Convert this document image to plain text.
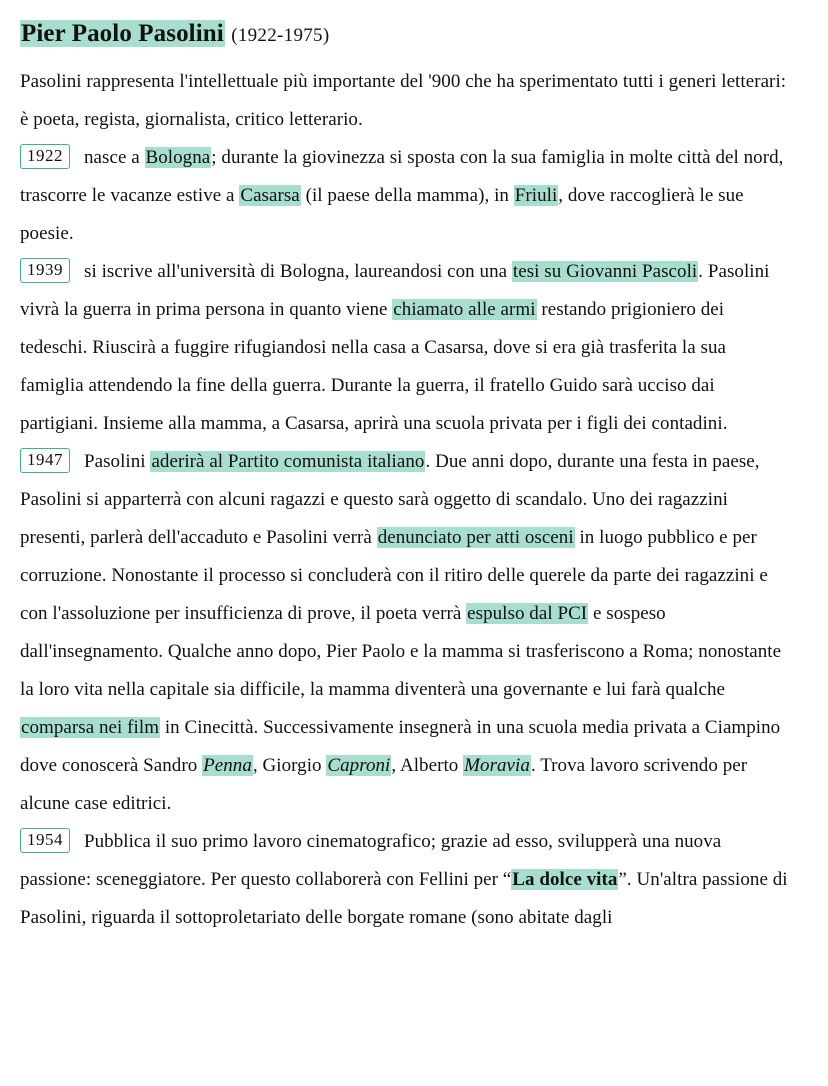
Pier Paolo Pasolini (1922-1975)

Pasolini rappresenta l'intellettuale più importante del '900 che ha sperimentato tutti i generi letterari: è poeta, regista, giornalista, critico letterario.

1922 nasce a Bologna; durante la giovinezza si sposta con la sua famiglia in molte città del nord, trascorre le vacanze estive a Casarsa (il paese della mamma), in Friuli, dove raccoglierà le sue poesie.

1939 si iscrive all'università di Bologna, laureandosi con una tesi su Giovanni Pascoli. Pasolini vivrà la guerra in prima persona in quanto viene chiamato alle armi restando prigioniero dei tedeschi. Riuscirà a fuggire rifugiandosi nella casa a Casarsa, dove si era già trasferita la sua famiglia attendendo la fine della guerra. Durante la guerra, il fratello Guido sarà ucciso dai partigiani. Insieme alla mamma, a Casarsa, aprirà una scuola privata per i figli dei contadini.

1947 Pasolini aderirà al Partito comunista italiano. Due anni dopo, durante una festa in paese, Pasolini si apparterrà con alcuni ragazzi e questo sarà oggetto di scandalo. Uno dei ragazzini presenti, parlerà dell'accaduto e Pasolini verrà denunciato per atti osceni in luogo pubblico e per corruzione. Nonostante il processo si concluderà con il ritiro delle querele da parte dei ragazzini e con l'assoluzione per insufficienza di prove, il poeta verrà espulso dal PCI e sospeso dall'insegnamento. Qualche anno dopo, Pier Paolo e la mamma si trasferiscono a Roma; nonostante la loro vita nella capitale sia difficile, la mamma diventerà una governante e lui farà qualche comparsa nei film in Cinecittà. Successivamente insegnerà in una scuola media privata a Ciampino dove conoscerà Sandro Penna, Giorgio Caproni, Alberto Moravia. Trova lavoro scrivendo per alcune case editrici.

1954 Pubblica il suo primo lavoro cinematografico; grazie ad esso, svilupperà una nuova passione: sceneggiatore. Per questo collaborerà con Fellini per “La dolce vita”. Un'altra passione di Pasolini, riguarda il sottoproletariato delle borgate romane (sono abitate dagli
